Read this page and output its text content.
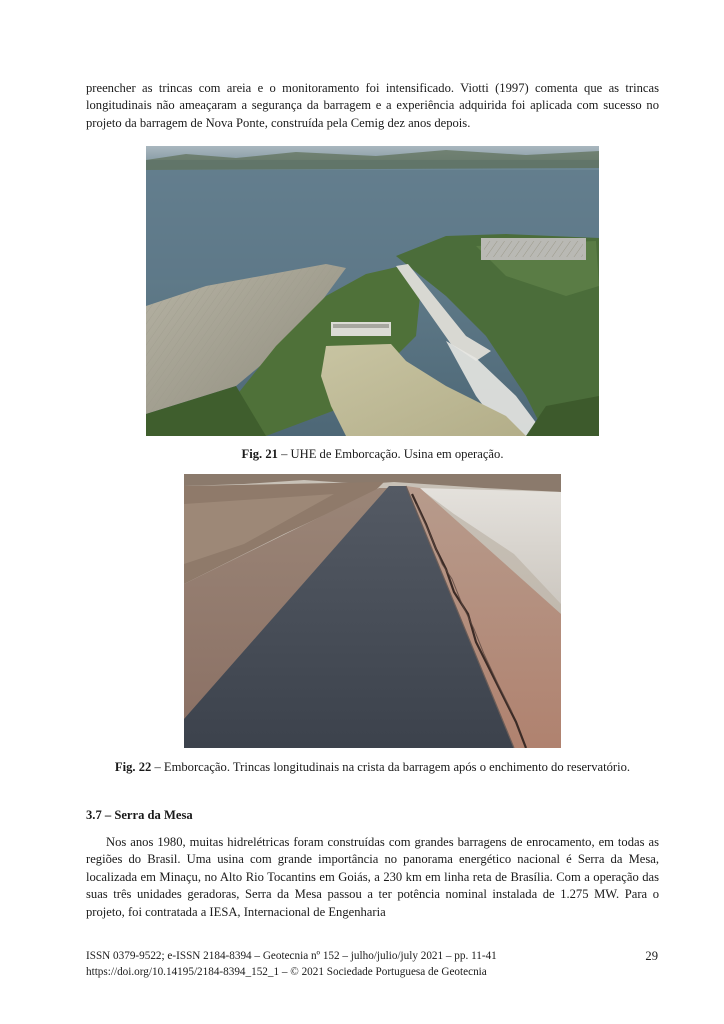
preencher as trincas com areia e o monitoramento foi intensificado. Viotti (1997) comenta que as trincas longitudinais não ameaçaram a segurança da barragem e a experiência adquirida foi aplicada com sucesso no projeto da barragem de Nova Ponte, construída pela Cemig dez anos depois.

Fig. 21 – UHE de Emborcação. Usina em operação.

Fig. 22 – Emborcação. Trincas longitudinais na crista da barragem após o enchimento do reservatório.

3.7 – Serra da Mesa

Nos anos 1980, muitas hidrelétricas foram construídas com grandes barragens de enrocamento, em todas as regiões do Brasil. Uma usina com grande importância no panorama energético nacional é Serra da Mesa, localizada em Minaçu, no Alto Rio Tocantins em Goiás, a 230 km em linha reta de Brasília. Com a operação das suas três unidades geradoras, Serra da Mesa passou a ter potência nominal instalada de 1.275 MW. Para o projeto, foi contratada a IESA, Internacional de Engenharia

ISSN 0379-9522; e-ISSN 2184-8394 – Geotecnia nº 152 – julho/julio/july 2021 – pp. 11-41
https://doi.org/10.14195/2184-8394_152_1 – © 2021 Sociedade Portuguesa de Geotecnia
29
